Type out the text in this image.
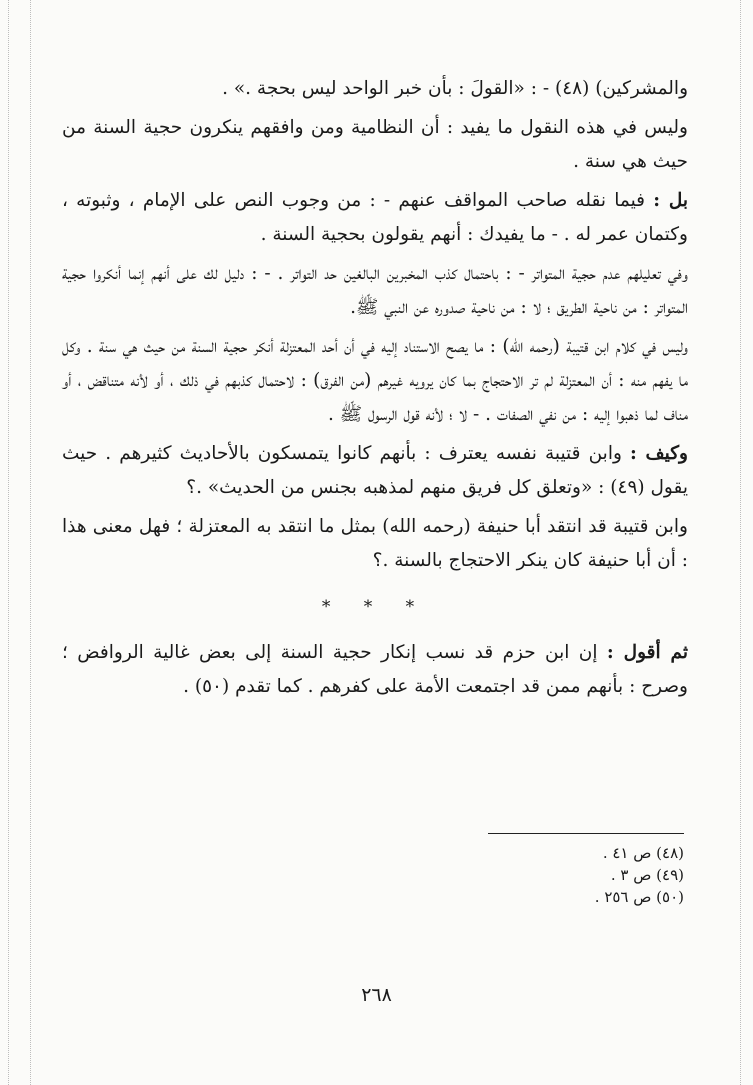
والمشركين) (٤٨) - : «القولَ : بأن خبر الواحد ليس بحجة .» .

وليس في هذه النقول ما يفيد : أن النظامية ومن وافقهم ينكرون حجية السنة من حيث هي سنة .

بل : فيما نقله صاحب المواقف عنهم - : من وجوب النص على الإمام ، وثبوته ، وكتمان عمر له . - ما يفيدك : أنهم يقولون بحجية السنة .

وفي تعليلهم عدم حجية المتواتر - : باحتمال كذب المخبرين البالغين حد التواتر . - : دليل لك على أنهم إنما أنكروا حجية المتواتر : من ناحية الطريق ؛ لا : من ناحية صدوره عن النبي ﷺ.

وليس في كلام ابن قتيبة (رحمه الله) : ما يصح الاستناد إليه في أن أحد المعتزلة أنكر حجية السنة من حيث هي سنة . وكل ما يفهم منه : أن المعتزلة لم تر الاحتجاج بما كان يرويه غيرهم (من الفرق) : لاحتمال كذبهم في ذلك ، أو لأنه متناقض ، أو مناف لما ذهبوا إليه : من نفي الصفات . - لا ؛ لأنه قول الرسول ﷺ .

وكيف : وابن قتيبة نفسه يعترف : بأنهم كانوا يتمسكون بالأحاديث كثيرهم . حيث يقول (٤٩) : «وتعلق كل فريق منهم لمذهبه بجنس من الحديث» .؟

وابن قتيبة قد انتقد أبا حنيفة (رحمه الله) بمثل ما انتقد به المعتزلة ؛ فهل معنى هذا : أن أبا حنيفة كان ينكر الاحتجاج بالسنة .؟

* * *

ثم أقول : إن ابن حزم قد نسب إنكار حجية السنة إلى بعض غالية الروافض ؛ وصرح : بأنهم ممن قد اجتمعت الأمة على كفرهم . كما تقدم (٥٠) .

(٤٨) ص ٤١ .
(٤٩) ص ٣ .
(٥٠) ص ٢٥٦ .
٢٦٨
